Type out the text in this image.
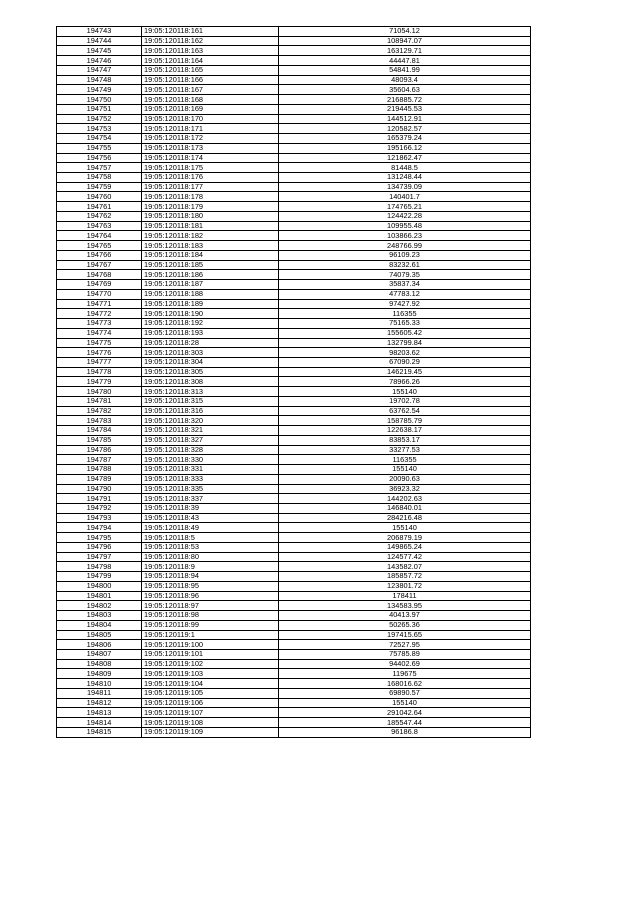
194743	19:05:120118:161	71054.12
194744	19:05:120118:162	108947.07
194745	19:05:120118:163	163129.71
194746	19:05:120118:164	44447.81
194747	19:05:120118:165	54841.99
194748	19:05:120118:166	48093.4
194749	19:05:120118:167	35604.63
194750	19:05:120118:168	216885.72
194751	19:05:120118:169	219445.53
194752	19:05:120118:170	144512.91
194753	19:05:120118:171	120582.57
194754	19:05:120118:172	165379.24
194755	19:05:120118:173	195166.12
194756	19:05:120118:174	121862.47
194757	19:05:120118:175	81448.5
194758	19:05:120118:176	131248.44
194759	19:05:120118:177	134739.09
194760	19:05:120118:178	140401.7
194761	19:05:120118:179	174765.21
194762	19:05:120118:180	124422.28
194763	19:05:120118:181	109955.48
194764	19:05:120118:182	103866.23
194765	19:05:120118:183	248766.99
194766	19:05:120118:184	96109.23
194767	19:05:120118:185	83232.61
194768	19:05:120118:186	74079.35
194769	19:05:120118:187	35837.34
194770	19:05:120118:188	47783.12
194771	19:05:120118:189	97427.92
194772	19:05:120118:190	116355
194773	19:05:120118:192	75165.33
194774	19:05:120118:193	155605.42
194775	19:05:120118:28	132799.84
194776	19:05:120118:303	98203.62
194777	19:05:120118:304	67090.29
194778	19:05:120118:305	146219.45
194779	19:05:120118:308	78966.26
194780	19:05:120118:313	155140
194781	19:05:120118:315	19702.78
194782	19:05:120118:316	63762.54
194783	19:05:120118:320	158785.79
194784	19:05:120118:321	122638.17
194785	19:05:120118:327	83853.17
194786	19:05:120118:328	33277.53
194787	19:05:120118:330	116355
194788	19:05:120118:331	155140
194789	19:05:120118:333	20090.63
194790	19:05:120118:335	36923.32
194791	19:05:120118:337	144202.63
194792	19:05:120118:39	146840.01
194793	19:05:120118:43	284216.48
194794	19:05:120118:49	155140
194795	19:05:120118:5	206879.19
194796	19:05:120118:53	149865.24
194797	19:05:120118:80	124577.42
194798	19:05:120118:9	143582.07
194799	19:05:120118:94	185857.72
194800	19:05:120118:95	123801.72
194801	19:05:120118:96	178411
194802	19:05:120118:97	134583.95
194803	19:05:120118:98	40413.97
194804	19:05:120118:99	50265.36
194805	19:05:120119:1	197415.65
194806	19:05:120119:100	72527.95
194807	19:05:120119:101	75785.89
194808	19:05:120119:102	94402.69
194809	19:05:120119:103	119675
194810	19:05:120119:104	168016.62
194811	19:05:120119:105	69890.57
194812	19:05:120119:106	155140
194813	19:05:120119:107	291042.64
194814	19:05:120119:108	185547.44
194815	19:05:120119:109	96186.8
